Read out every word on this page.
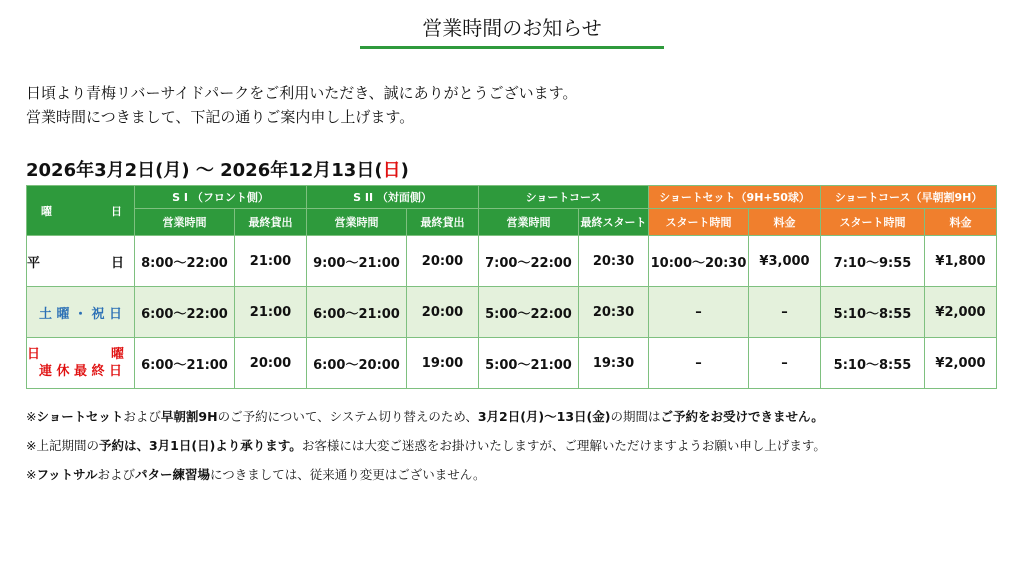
営業時間のお知らせ
日頃より青梅リバーサイドパークをご利用いただき、誠にありがとうございます。
営業時間につきまして、下記の通りご案内申し上げます。
2026年3月2日(月) 〜 2026年12月13日(日)
曜 日	S I （フロント側）		S II （対面側）		ショートコース		ショートセット（9H+50球）		ショートコース（早朝割9H）	
	営業時間	最終貸出	営業時間	最終貸出	営業時間	最終スタート	スタート時間	料金	スタート時間	料金

平 日	8:00〜22:00	21:00	9:00〜21:00	20:00	7:00〜22:00	20:30	10:00〜20:30	¥3,000	7:10〜9:55	¥1,800
土 曜 ・ 祝 日	6:00〜22:00	21:00	6:00〜21:00	20:00	5:00〜22:00	20:30	–	–	5:10〜8:55	¥2,000

日 曜
連 休 最 終 日	6:00〜21:00	20:00	6:00〜20:00	19:00	5:00〜21:00	19:30	–	–	5:10〜8:55	¥2,000
※ショートセットおよび早朝割9Hのご予約について、システム切り替えのため、3月2日(月)〜13日(金)の期間はご予約をお受けできません。
※上記期間の予約は、3月1日(日)より承ります。お客様には大変ご迷惑をお掛けいたしますが、ご理解いただけますようお願い申し上げます。
※フットサルおよびパター練習場につきましては、従来通り変更はございません。
